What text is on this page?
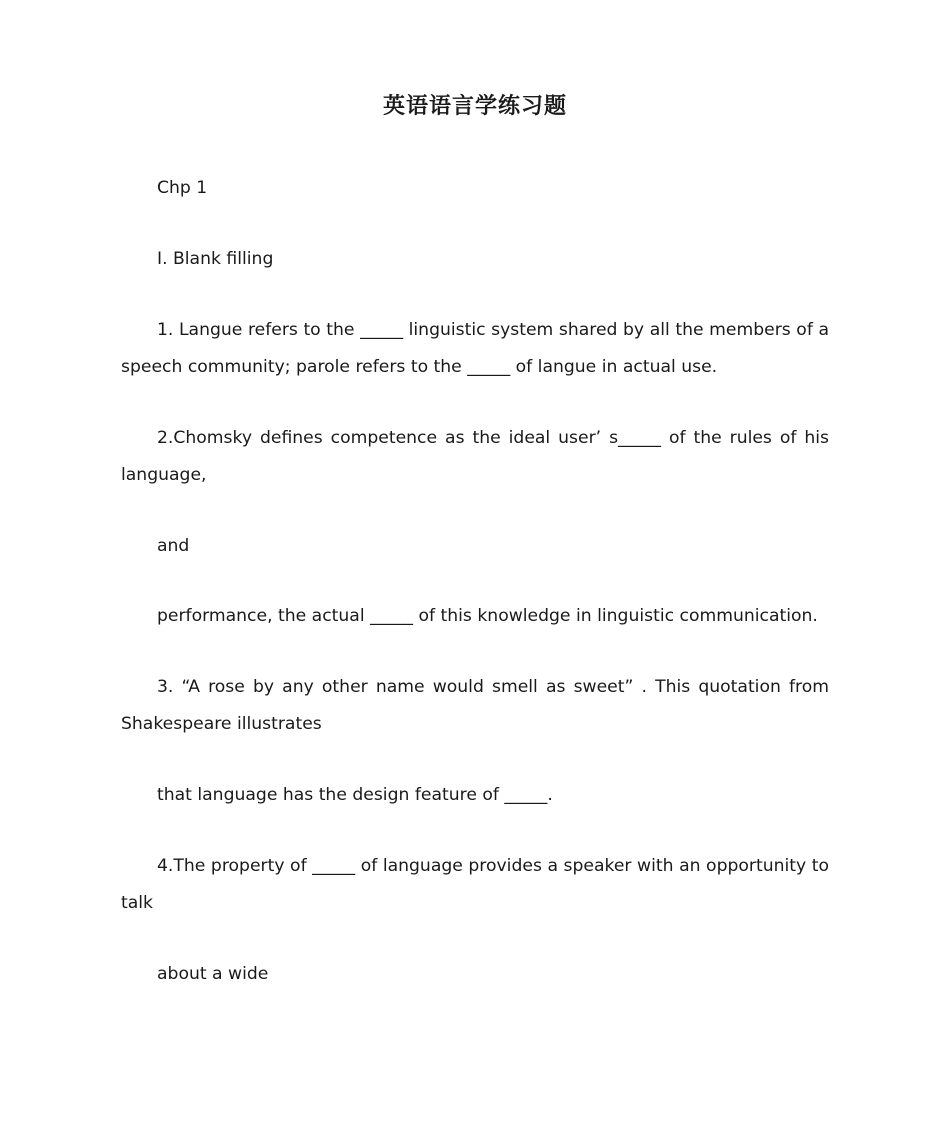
英语语言学练习题

Chp 1

I. Blank filling

1. Langue refers to the _____ linguistic system shared by all the members of a speech community; parole refers to the _____ of langue in actual use.

2.Chomsky defines competence as the ideal user’ s_____ of the rules of his language,

and

performance, the actual _____ of this knowledge in linguistic communication.

3. “A rose by any other name would smell as sweet” . This quotation from Shakespeare illustrates

that language has the design feature of _____.

4.The property of _____ of language provides a speaker with an opportunity to talk

about a wide
